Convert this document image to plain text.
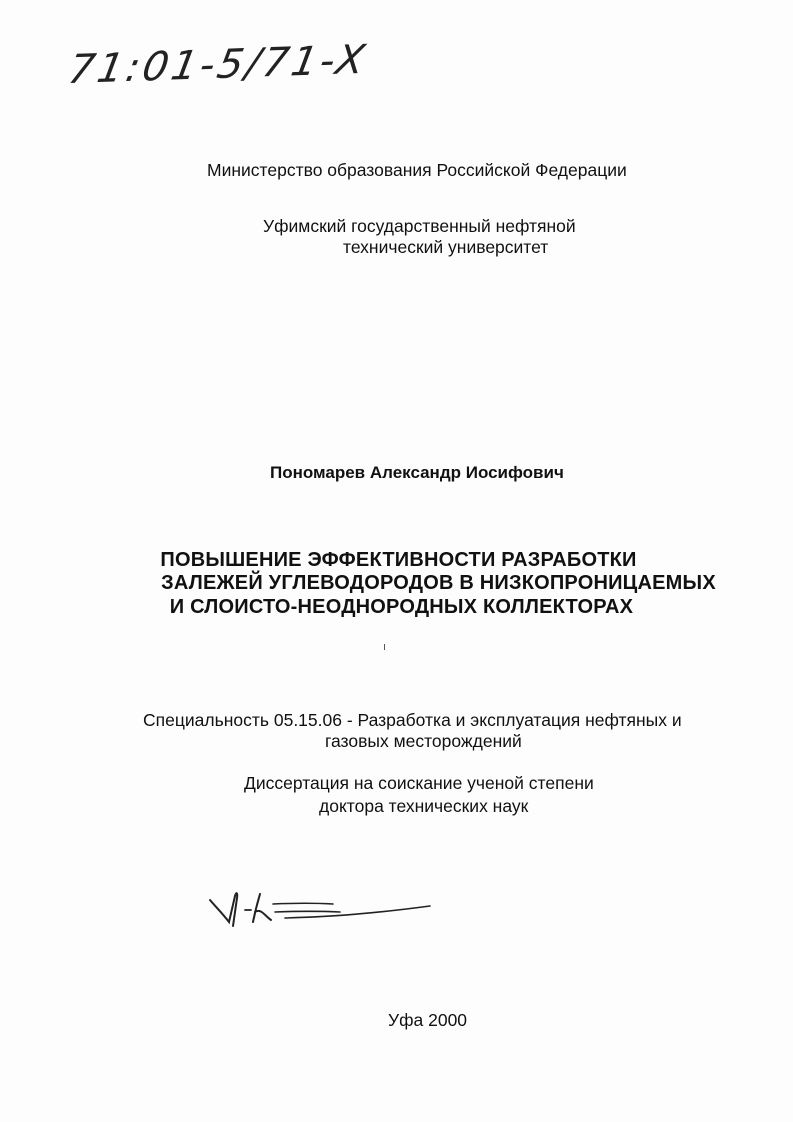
71:01-5/71-X
Министерство образования Российской Федерации
Уфимский государственный нефтяной
технический университет
Пономарев Александр Иосифович
ПОВЫШЕНИЕ ЭФФЕКТИВНОСТИ РАЗРАБОТКИ
ЗАЛЕЖЕЙ УГЛЕВОДОРОДОВ В НИЗКОПРОНИЦАЕМЫХ
И СЛОИСТО-НЕОДНОРОДНЫХ КОЛЛЕКТОРАХ
Специальность 05.15.06 - Разработка и эксплуатация нефтяных и
газовых месторождений
Диссертация на соискание ученой степени
доктора технических наук
Уфа 2000
